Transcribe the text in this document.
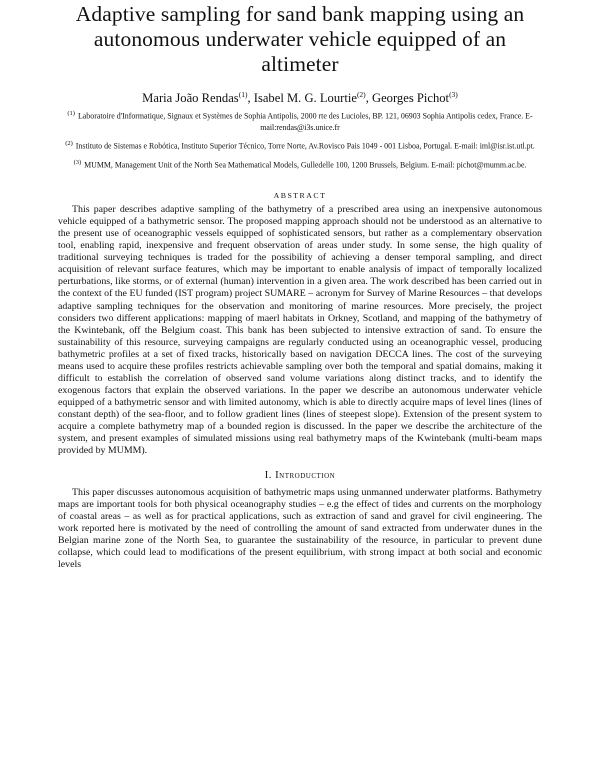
Adaptive sampling for sand bank mapping using an
autonomous underwater vehicle equipped of an
altimeter
Maria João Rendas$^{(1)}$, Isabel M. G. Lourtie$^{(2)}$, Georges Pichot$^{(3)}$
$^{(1)}$ Laboratoire d'Informatique, Signaux et Systèmes de Sophia Antipolis, 2000 rte des Lucioles, BP. 121, 06903 Sophia Antipolis cedex, France. E-mail:rendas@i3s.unice.fr
$^{(2)}$ Instituto de Sistemas e Robótica, Instituto Superior Técnico, Torre Norte, Av.Rovisco Pais 1049 - 001 Lisboa, Portugal. E-mail: iml@isr.ist.utl.pt.
$^{(3)}$ MUMM, Management Unit of the North Sea Mathematical Models, Gulledelle 100, 1200 Brussels, Belgium. E-mail: pichot@mumm.ac.be.
ABSTRACT

This paper describes adaptive sampling of the bathymetry of a prescribed area using an inexpensive autonomous vehicle equipped of a bathymetric sensor. The proposed mapping approach should not be understood as an alternative to the present use of oceanographic vessels equipped of sophisticated sensors, but rather as a complementary observation tool, enabling rapid, inexpensive and frequent observation of areas under study. In some sense, the high quality of traditional surveying techniques is traded for the possibility of achieving a denser temporal sampling, and direct acquisition of relevant surface features, which may be important to enable analysis of impact of temporally localized perturbations, like storms, or of external (human) intervention in a given area. The work described has been carried out in the context of the EU funded (IST program) project SUMARE – acronym for Survey of Marine Resources – that develops adaptive sampling techniques for the observation and monitoring of marine resources. More precisely, the project considers two different applications: mapping of maerl habitats in Orkney, Scotland, and mapping of the bathymetry of the Kwintebank, off the Belgium coast. This bank has been subjected to intensive extraction of sand. To ensure the sustainability of this resource, surveying campaigns are regularly conducted using an oceanographic vessel, producing bathymetric profiles at a set of fixed tracks, historically based on navigation DECCA lines. The cost of the surveying means used to acquire these profiles restricts achievable sampling over both the temporal and spatial domains, making it difficult to establish the correlation of observed sand volume variations along distinct tracks, and to identify the exogenous factors that explain the observed variations. In the paper we describe an autonomous underwater vehicle equipped of a bathymetric sensor and with limited autonomy, which is able to directly acquire maps of level lines (lines of constant depth) of the sea-floor, and to follow gradient lines (lines of steepest slope). Extension of the present system to acquire a complete bathymetry map of a bounded region is discussed. In the paper we describe the architecture of the system, and present examples of simulated missions using real bathymetry maps of the Kwintebank (multi-beam maps provided by MUMM).

I. Introduction

This paper discusses autonomous acquisition of bathymetric maps using unmanned underwater platforms. Bathymetry maps are important tools for both physical oceanography studies – e.g the effect of tides and currents on the morphology of coastal areas – as well as for practical applications, such as extraction of sand and gravel for civil engineering. The work reported here is motivated by the need of controlling the amount of sand extracted from underwater dunes in the Belgian marine zone of the North Sea, to guarantee the sustainability of the resource, in particular to prevent dune collapse, which could lead to modifications of the present equilibrium, with strong impact at both social and economic levels
